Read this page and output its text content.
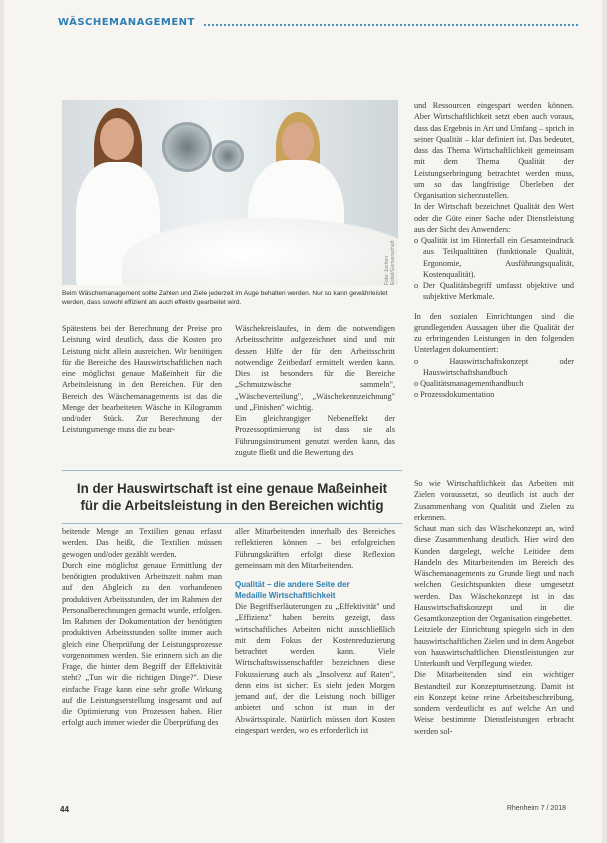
WÄSCHEMANAGEMENT
Foto: Jochen Eckel/Gemeinschaft
Beim Wäschemanagement sollte Zahlen und Ziele jederzeit im Auge behalten werden. Nur so kann gewährleistet werden, dass sowohl effizient als auch effektiv gearbeitet wird.

Spätestens bei der Berechnung der Preise pro Leistung wird deutlich, dass die Kosten pro Leistung nicht allein ausreichen. Wir benötigen für die Bereiche des Hauswirtschaftlichen nach eine möglichst genaue Maßeinheit für die Arbeitsleistung in den Bereichen. Für den Bereich des Wäschemanagements ist das die Menge der bearbeiteten Wäsche in Kilogramm und/oder Stück. Zur Berechnung der Leistungsmenge muss die zu bear-

Wäschekreislaufes, in dem die notwendigen Arbeitsschritte aufgezeichnet sind und mit dessen Hilfe der für den Arbeitsschritt notwendige Zeitbedarf ermittelt werden kann. Dies ist besonders für die Bereiche „Schmutzwäsche sammeln", „Wäscheverteilung", „Wäschekennzeichnung" und „Finishen" wichtig.

Ein gleichrangiger Nebeneffekt der Prozessoptimierung ist dass sie als Führungsinstrument genutzt werden kann, das zugute fließt und die Bewertung des

In der Hauswirtschaft ist eine genaue Maßeinheit
für die Arbeitsleistung in den Bereichen wichtig

beitende Menge an Textilien genau erfasst werden. Das heißt, die Textilien müssen gewogen und/oder gezählt werden.

Durch eine möglichst genaue Ermittlung der benötigten produktiven Arbeitszeit nahm man auf den Abgleich zu den vorhandenen produktiven Arbeitsstunden, der im Rahmen der Personalberechnungen gemacht wurde, erfolgen. Im Rahmen der Dokumentation der benötigten produktiven Arbeitsstunden sollte immer auch gleich eine Überprüfung der Leistungsprozesse vorgenommen werden. Sie erinnern sich an die Frage, die hinter dem Begriff der Effektivität steht? „Tun wir die richtigen Dinge?". Diese einfache Frage kann eine sehr große Wirkung auf die Leistungserstellung insgesamt und auf die Optimierung von Prozessen haben. Hier erfolgt auch immer wieder die Überprüfung des

aller Mitarbeitenden innerhalb des Bereiches reflektieren können – bei erfolgreichen Führungskräften erfolgt diese Reflexion gemeinsam mit den Mitarbeitenden.

Qualität – die andere Seite der
Medaille Wirtschaftlichkeit

Die Begriffserläuterungen zu „Effektivität" und „Effizienz" haben bereits gezeigt, dass wirtschaftliches Arbeiten nicht ausschließlich mit dem Fokus der Kostenreduzierung betrachtet werden kann. Viele Wirtschaftswissenschaftler bezeichnen diese Fokussierung auch als „Insolvenz auf Raten", denn eins ist sicher: Es sieht jeden Morgen jemand auf, der die Leistung noch billiger anbietet und schon ist man in der Abwärtsspirale. Natürlich müssen dort Kosten eingespart werden, wo es erforderlich ist

und Ressourcen eingespart werden können. Aber Wirtschaftlichkeit setzt eben auch voraus, dass das Ergebnis in Art und Umfang – sprich in seiner Qualität – klar definiert ist. Das bedeutet, dass das Thema Wirtschaftlichkeit gemeinsam mit dem Thema Qualität der Leistungserbringung betrachtet werden muss, um so das langfristige Überleben der Organisation sicherzustellen.

In der Wirtschaft bezeichnet Qualität den Wert oder die Güte einer Sache oder Dienstleistung aus der Sicht des Anwenders:

o Qualität ist im Hinterfall ein Gesamteindruck aus Teilqualitäten (funktionale Qualität, Ergonomie, Ausführungsqualität, Kostenqualität).
o Der Qualitätsbegriff umfasst objektive und subjektive Merkmale.

In den sozialen Einrichtungen sind die grundlegenden Aussagen über die Qualität der zu erbringenden Leistungen in den folgenden Unterlagen dokumentiert:

o Hauswirtschaftskonzept oder Hauswirtschaftshandbuch
o Qualitätsmanagementhandbuch
o Prozessdokumentation

So wie Wirtschaftlichkeit das Arbeiten mit Zielen voraussetzt, so deutlich ist auch der Zusammenhang von Qualität und Zielen zu erkennen.

Schaut man sich das Wäschekonzept an, wird diese Zusammenhang deutlich. Hier wird den Kunden dargelegt, welche Leitidee dem Handeln des Mitarbeitenden im Bereich des Wäschemanagements zu Grunde liegt und nach welchen Gesichtspunkten diese umgesetzt werden. Das Wäschekonzept ist in das Hauswirtschaftskonzept und in die Gesamtkonzeption der Organisation eingebettet.

Leitziele der Einrichtung spiegeln sich in den hauswirtschaftlichen Zielen und in dem Angebot von hauswirtschaftlichen Dienstleistungen zur Unterkunft und Verpflegung wieder.

Die Mitarbeitenden sind ein wichtiger Bestandteil zur Konzeptumsetzung. Damit ist ein Konzept keine reine Arbeitsbeschreibung, sondern verdeutlicht es auf welche Art und Weise bestimmte Dienstleistungen erbracht werden sol-

44	Rhenheim 7 / 2018
